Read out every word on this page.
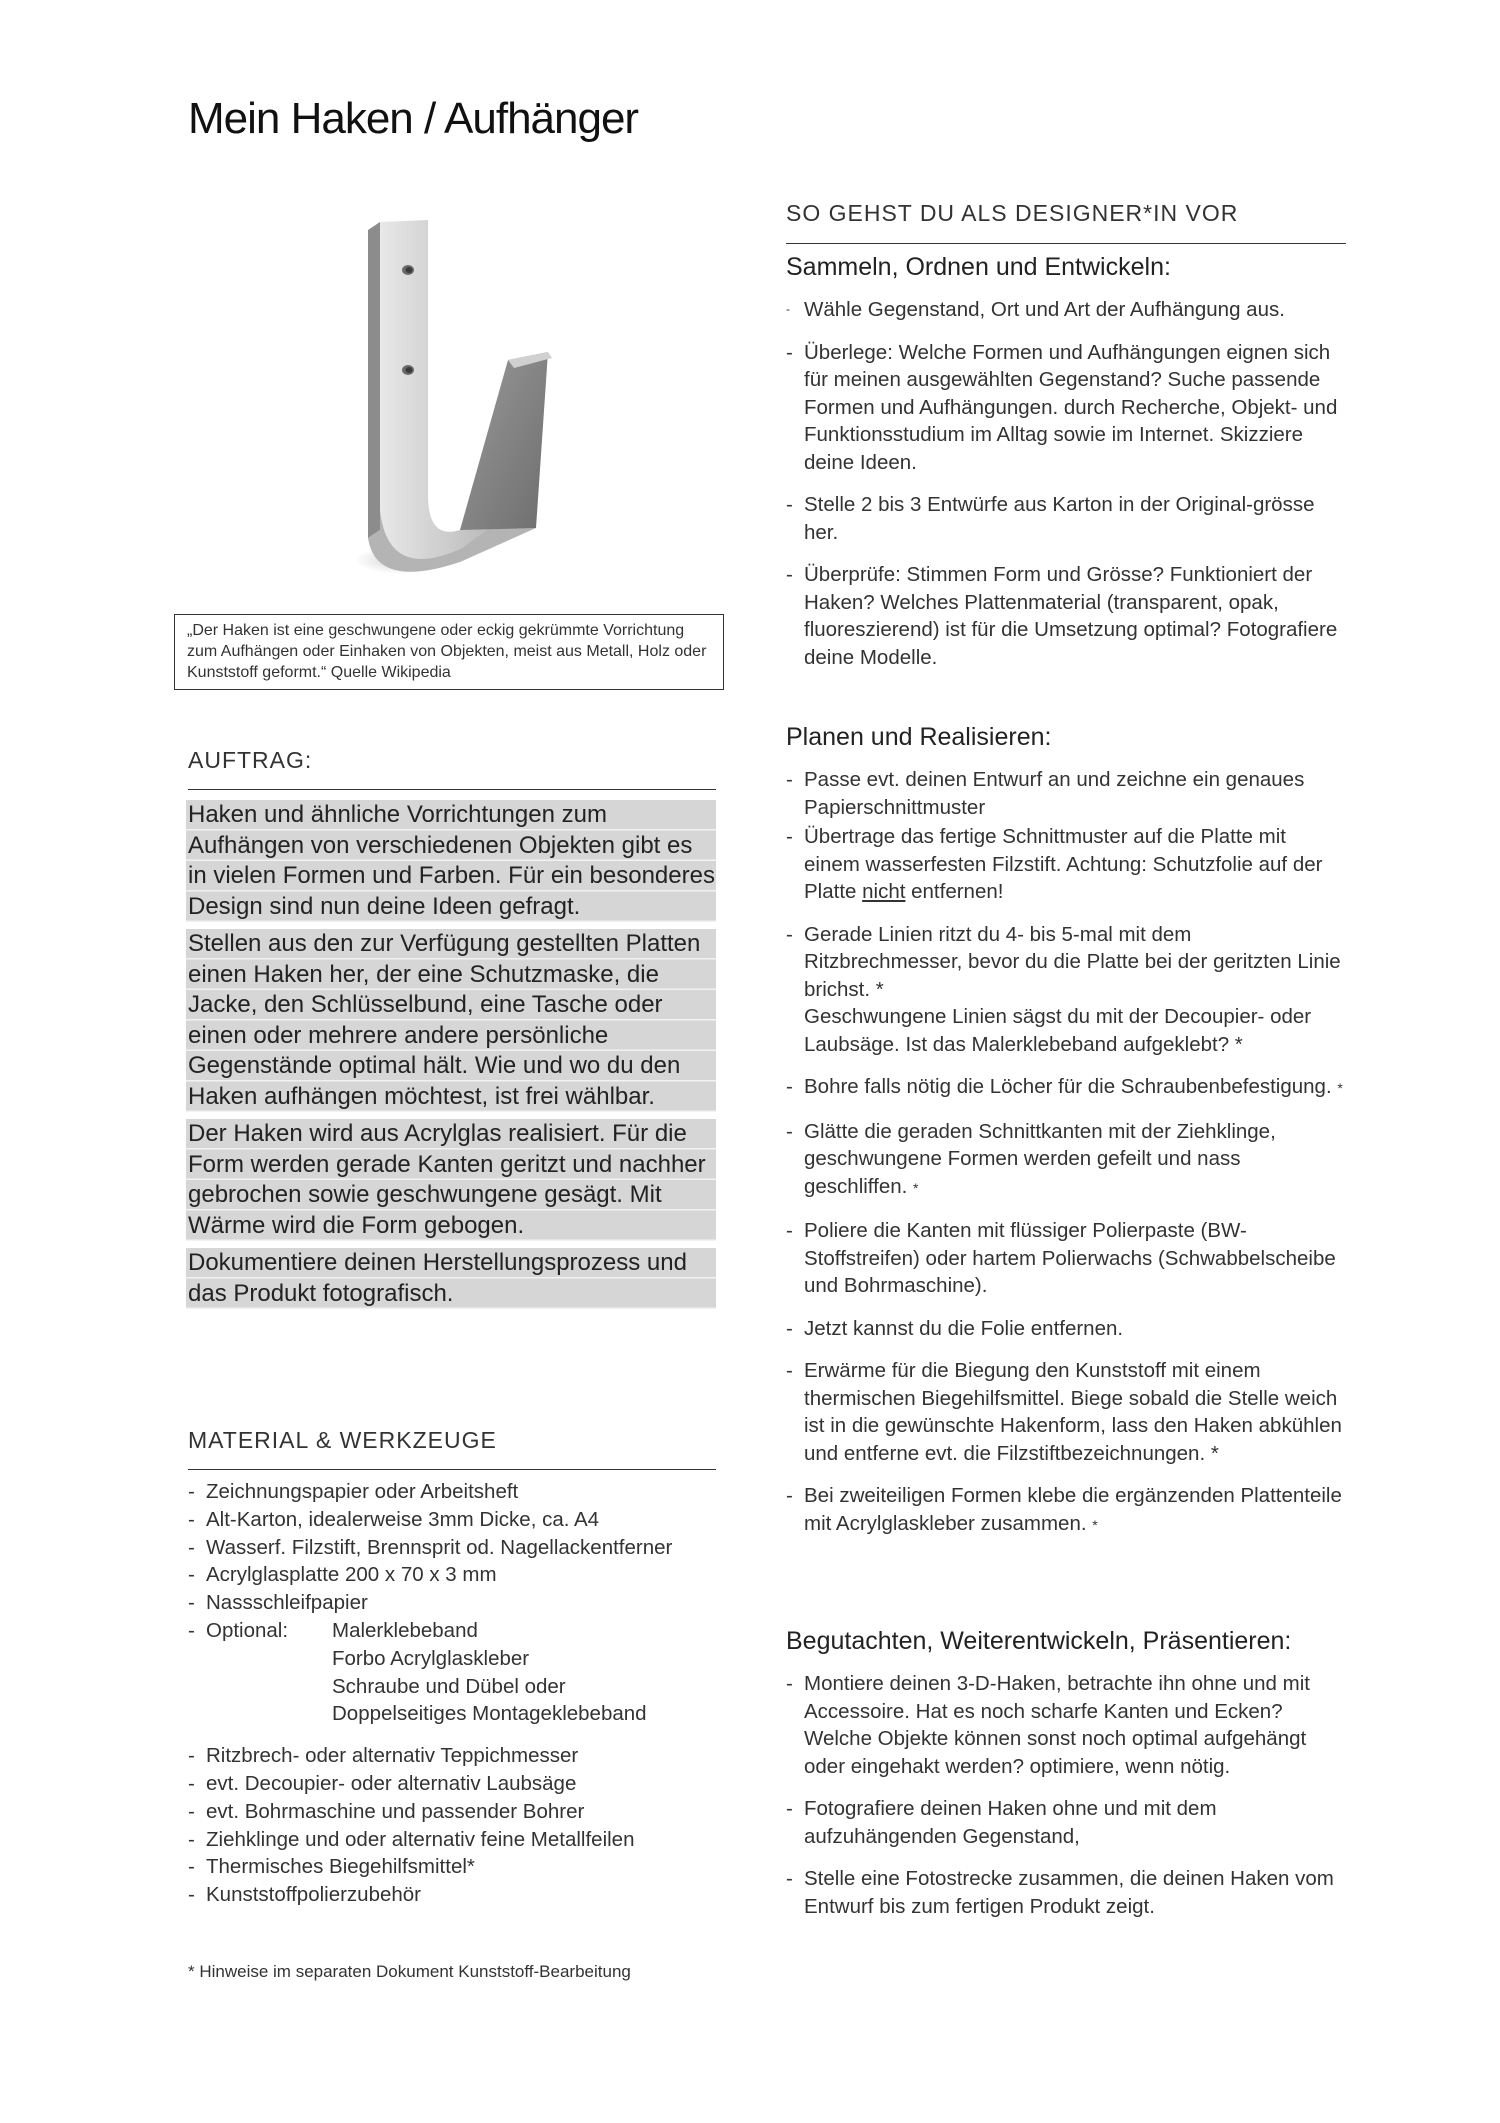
Mein Haken / Aufhänger
„Der Haken ist eine geschwungene oder eckig gekrümmte Vorrichtung zum Aufhängen oder Einhaken von Objekten, meist aus Metall, Holz oder Kunststoff geformt.“ Quelle Wikipedia
AUFTRAG:

Haken und ähnliche Vorrichtungen zum Aufhängen von verschiedenen Objekten gibt es in vielen Formen und Farben. Für ein besonderes Design sind nun deine Ideen gefragt.

Stellen aus den zur Verfügung gestellten Platten einen Haken her, der eine Schutzmaske, die Jacke, den Schlüsselbund, eine Tasche oder einen oder mehrere andere persönliche Gegenstände optimal hält. Wie und wo du den Haken aufhängen möchtest, ist frei wählbar.

Der Haken wird aus Acrylglas realisiert. Für die Form werden gerade Kanten geritzt und nachher gebrochen sowie geschwungene gesägt. Mit Wärme wird die Form gebogen.

Dokumentiere deinen Herstellungsprozess und das Produkt fotografisch.

MATERIAL & WERKZEUGE
- Zeichnungspapier oder Arbeitsheft
- Alt-Karton, idealerweise 3mm Dicke, ca. A4
- Wasserf. Filzstift, Brennsprit od. Nagellackentferner
- Acrylglasplatte 200 x 70 x 3 mm
- Nassschleifpapier
- Optional: Malerklebeband
Forbo Acrylglaskleber
Schraube und Dübel oder
Doppelseitiges Montageklebeband
- Ritzbrech- oder alternativ Teppichmesser
- evt. Decoupier- oder alternativ Laubsäge
- evt. Bohrmaschine und passender Bohrer
- Ziehklinge und oder alternativ feine Metallfeilen
- Thermisches Biegehilfsmittel*
- Kunststoffpolierzubehör

* Hinweise im separaten Dokument Kunststoff-Bearbeitung

SO GEHST DU ALS DESIGNER*IN VOR
Sammeln, Ordnen und Entwickeln:
- Wähle Gegenstand, Ort und Art der Aufhängung aus.
- Überlege: Welche Formen und Aufhängungen eignen sich für meinen ausgewählten Gegenstand? Suche passende Formen und Aufhängungen. durch Recherche, Objekt- und Funktionsstudium im Alltag sowie im Internet. Skizziere deine Ideen.
- Stelle 2 bis 3 Entwürfe aus Karton in der Original-grösse her.
- Überprüfe: Stimmen Form und Grösse? Funktioniert der Haken? Welches Plattenmaterial (transparent, opak, fluoreszierend) ist für die Umsetzung optimal? Fotografiere deine Modelle.
Planen und Realisieren:
- Passe evt. deinen Entwurf an und zeichne ein genaues Papierschnittmuster
- Übertrage das fertige Schnittmuster auf die Platte mit einem wasserfesten Filzstift. Achtung: Schutzfolie auf der Platte nicht entfernen!
- Gerade Linien ritzt du 4- bis 5-mal mit dem Ritzbrechmesser, bevor du die Platte bei der geritzten Linie brichst. *
Geschwungene Linien sägst du mit der Decoupier- oder Laubsäge. Ist das Malerklebeband aufgeklebt? *
- Bohre falls nötig die Löcher für die Schraubenbefestigung. *
- Glätte die geraden Schnittkanten mit der Ziehklinge, geschwungene Formen werden gefeilt und nass geschliffen. *
- Poliere die Kanten mit flüssiger Polierpaste (BW-Stoffstreifen) oder hartem Polierwachs (Schwabbelscheibe und Bohrmaschine).
- Jetzt kannst du die Folie entfernen.
- Erwärme für die Biegung den Kunststoff mit einem thermischen Biegehilfsmittel. Biege sobald die Stelle weich ist in die gewünschte Hakenform, lass den Haken abkühlen und entferne evt. die Filzstiftbezeichnungen. *
- Bei zweiteiligen Formen klebe die ergänzenden Plattenteile mit Acrylglaskleber zusammen. *
Begutachten, Weiterentwickeln, Präsentieren:
- Montiere deinen 3-D-Haken, betrachte ihn ohne und mit Accessoire. Hat es noch scharfe Kanten und Ecken? Welche Objekte können sonst noch optimal aufgehängt oder eingehakt werden? optimiere, wenn nötig.
- Fotografiere deinen Haken ohne und mit dem aufzuhängenden Gegenstand,
- Stelle eine Fotostrecke zusammen, die deinen Haken vom Entwurf bis zum fertigen Produkt zeigt.
